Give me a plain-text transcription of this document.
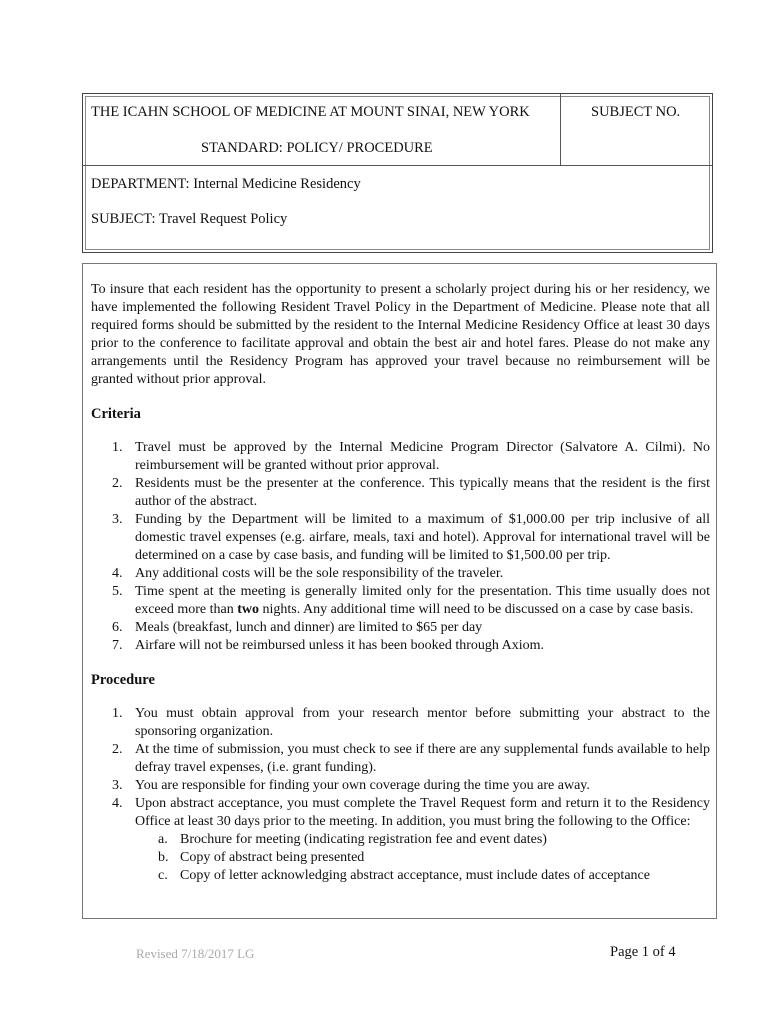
THE ICAHN SCHOOL OF MEDICINE AT MOUNT SINAI, NEW YORK
STANDARD: POLICY/ PROCEDURE
SUBJECT NO.
DEPARTMENT: Internal Medicine Residency
SUBJECT: Travel Request Policy

To insure that each resident has the opportunity to present a scholarly project during his or her residency, we have implemented the following Resident Travel Policy in the Department of Medicine. Please note that all required forms should be submitted by the resident to the Internal Medicine Residency Office at least 30 days prior to the conference to facilitate approval and obtain the best air and hotel fares. Please do not make any arrangements until the Residency Program has approved your travel because no reimbursement will be granted without prior approval.

Criteria
1. Travel must be approved by the Internal Medicine Program Director (Salvatore A. Cilmi). No reimbursement will be granted without prior approval.
2. Residents must be the presenter at the conference. This typically means that the resident is the first author of the abstract.
3. Funding by the Department will be limited to a maximum of $1,000.00 per trip inclusive of all domestic travel expenses (e.g. airfare, meals, taxi and hotel). Approval for international travel will be determined on a case by case basis, and funding will be limited to $1,500.00 per trip.
4. Any additional costs will be the sole responsibility of the traveler.
5. Time spent at the meeting is generally limited only for the presentation. This time usually does not exceed more than two nights. Any additional time will need to be discussed on a case by case basis.
6. Meals (breakfast, lunch and dinner) are limited to $65 per day
7. Airfare will not be reimbursed unless it has been booked through Axiom.
Procedure
1. You must obtain approval from your research mentor before submitting your abstract to the sponsoring organization.
2. At the time of submission, you must check to see if there are any supplemental funds available to help defray travel expenses, (i.e. grant funding).
3. You are responsible for finding your own coverage during the time you are away.
4. Upon abstract acceptance, you must complete the Travel Request form and return it to the Residency Office at least 30 days prior to the meeting. In addition, you must bring the following to the Office:
a. Brochure for meeting (indicating registration fee and event dates)
b. Copy of abstract being presented
c. Copy of letter acknowledging abstract acceptance, must include dates of acceptance
Revised 7/18/2017 LG	Page 1 of 4
